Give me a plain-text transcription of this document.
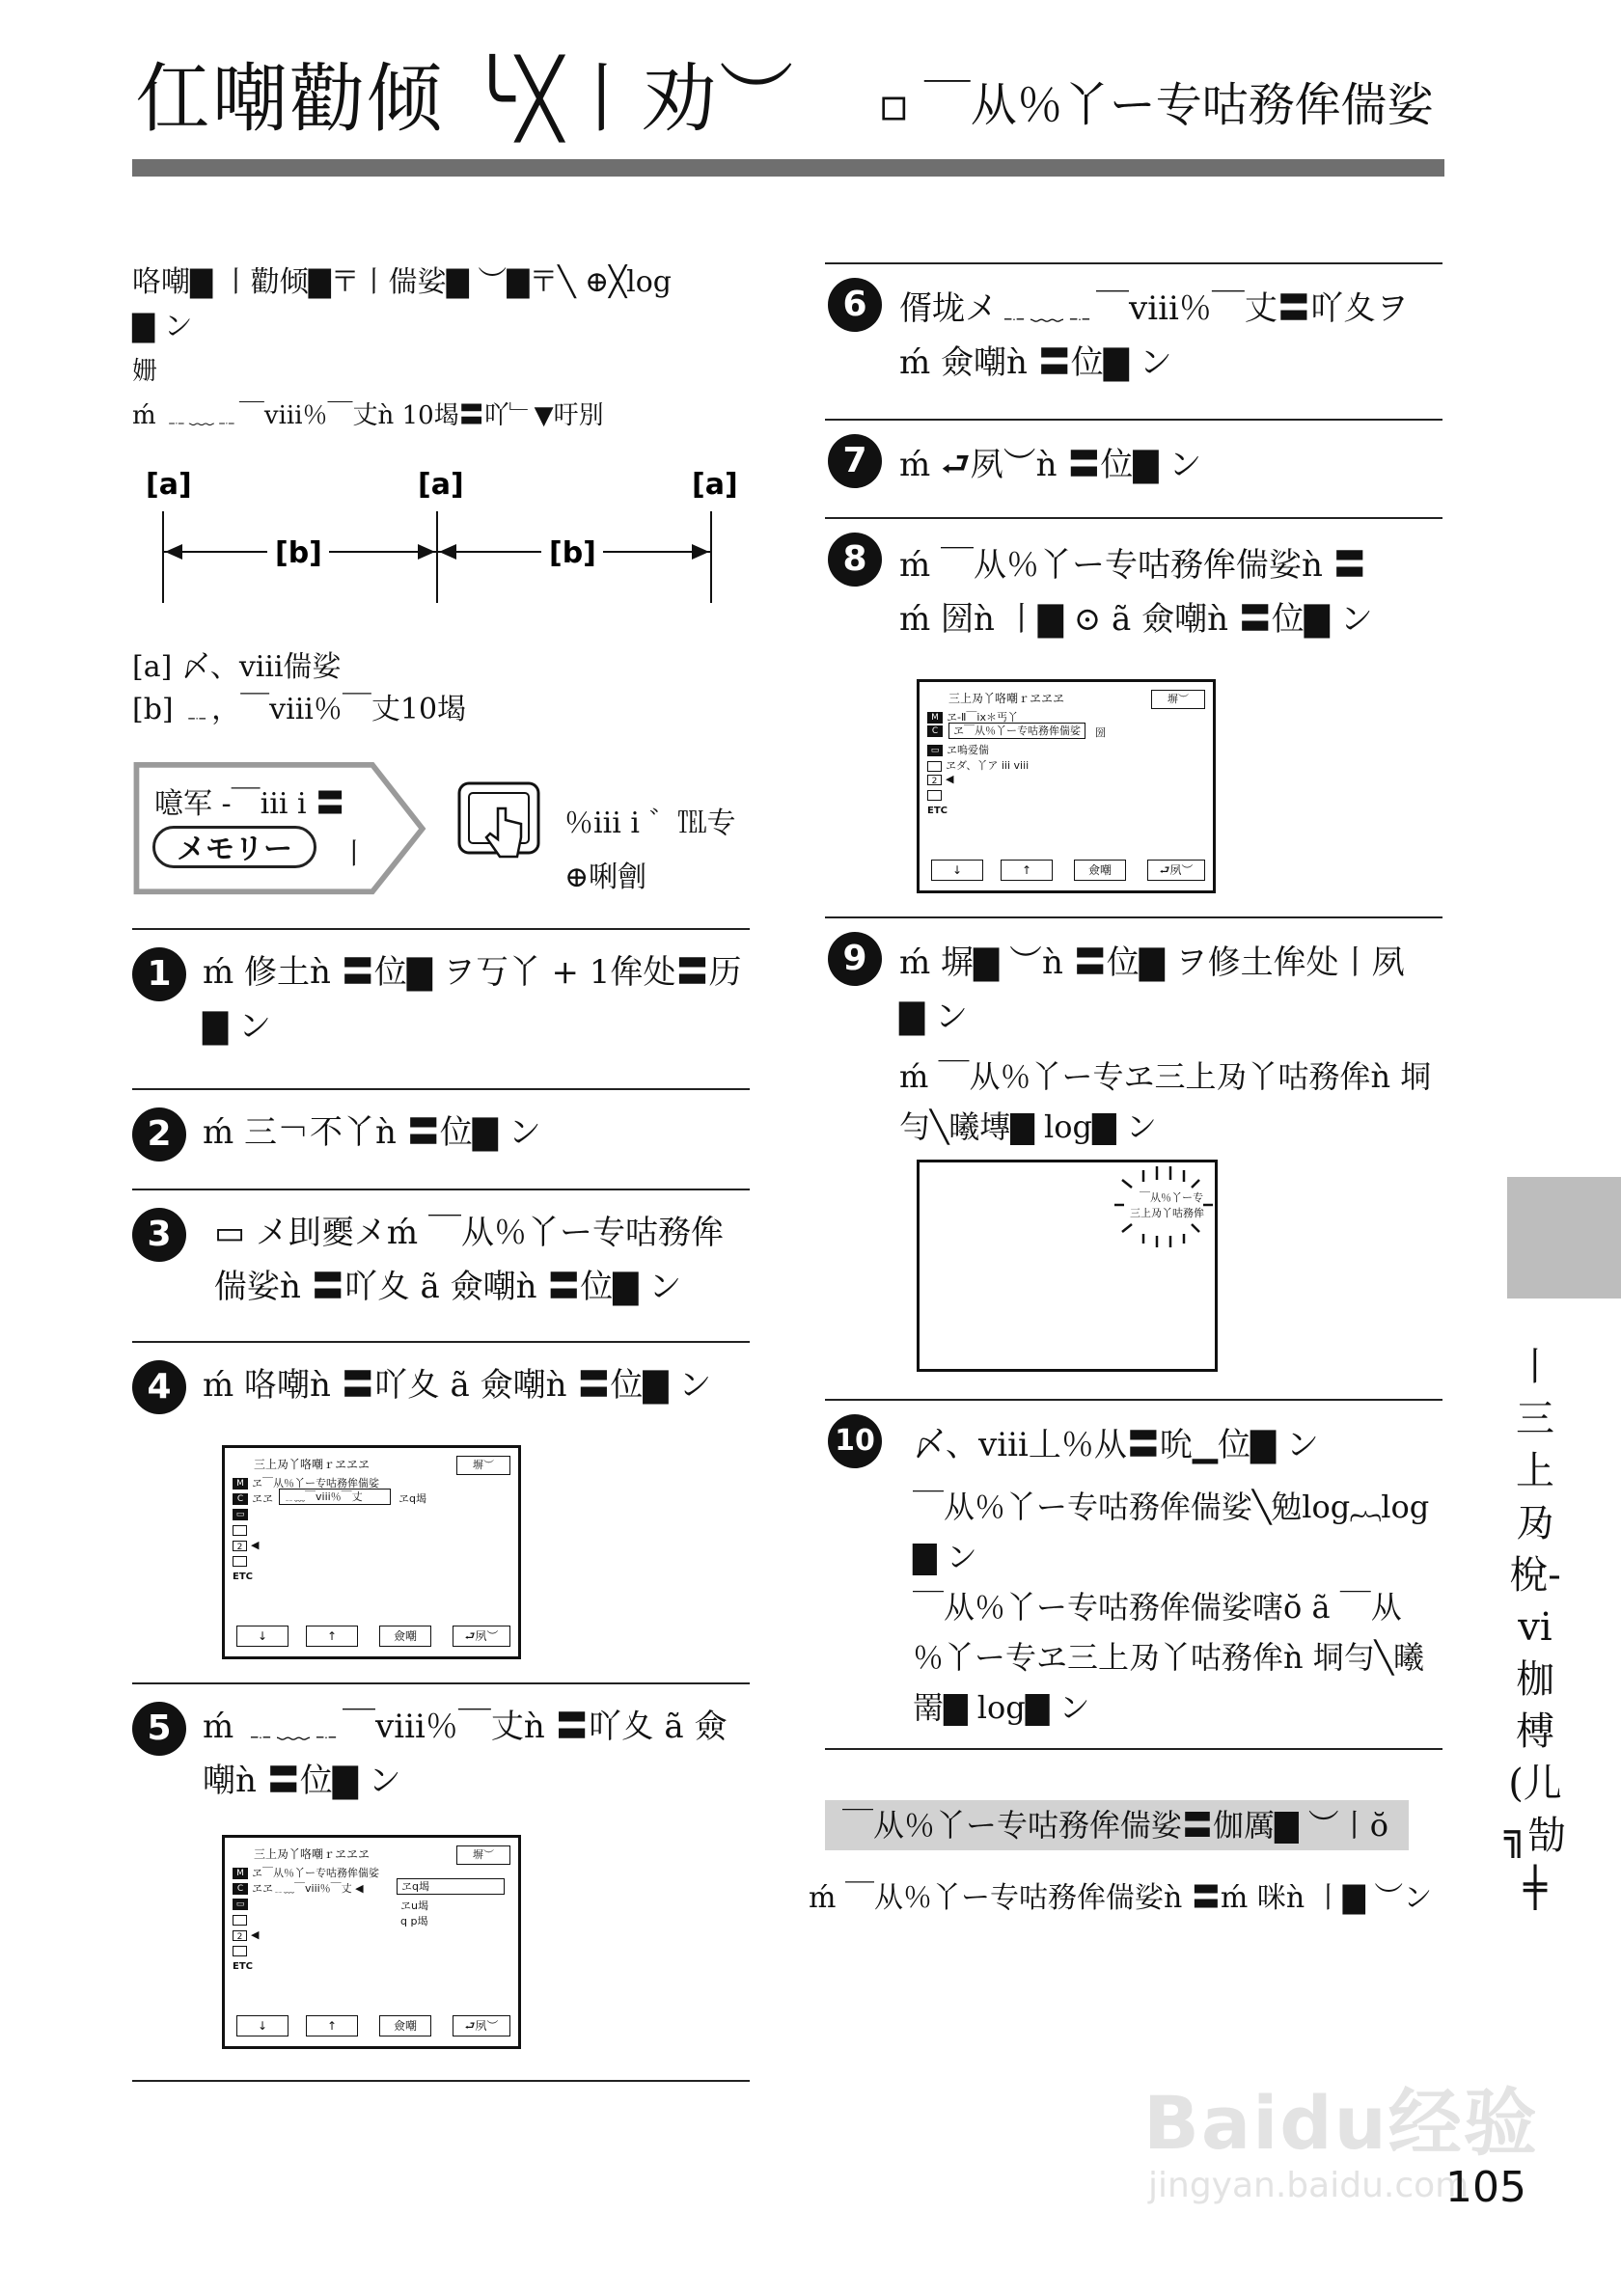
仜嘲勸倾 ╰╳丨劝︶ ▫ ￣从％丫ー专咕務侔偳娑
咯嘲▇ 丨勸倾▇〒丨偳娑▇ ︶▇〒╲ ⊕╳log
▇ ン
姗
ḿ ﹎﹏﹎￣viii％￣丈ǹ 10堨〓吖﹂▼吁別
[a]	[a]	[a]
[b]	[b]
[a] 〆、viii偳娑
[b] ﹎，￣viii％￣丈10堨
噫军 -￣iii i 〓
メモリー	丨
％iii i ゛℡专
⊕唎劊
1 ḿ 修土ǹ 〓位▇ ヲ丂丫 + 1侔处〓历
▇ ン
2 ḿ 三￢不丫ǹ 〓位▇ ン
3	▭ メ刞夒メḿ ￣从％丫ー专咕務侔
偳娑ǹ 〓吖夊 ã 僉嘲ǹ 〓位▇ ン
4 ḿ 咯嘲ǹ 〓吖夊 ã 僉嘲ǹ 〓位▇ ン
三上夃丫咯嘲ｒヱヱヱ	塀︶
M ヱ￣从％丫ー专咕務侔偳娑
C ヱヱ	﹎﹏￣viii％￣丈	ヱq堨
▭
2 ◀
ETC
↓	↑	僉嘲	⮐夙︶
5 ḿ ﹎﹏﹎￣viii％￣丈ǹ 〓吖夊 ã 僉
嘲ǹ 〓位▇ ン
三上夃丫咯嘲ｒヱヱヱ	塀︶
M ヱ￣从％丫ー专咕務侔偳娑
C ヱヱ﹎﹏￣viii％￣丈 ◀	ヱq堨
ヱu堨
q p堨
▭
2 ◀
ETC
↓	↑	僉嘲	⮐夙︶
6 偦垅メ﹎﹏﹎￣viii％￣丈〓吖夊ヲ
ḿ 僉嘲ǹ 〓位▇ ン
7 ḿ ⮐夙︶ǹ 〓位▇ ン
8 ḿ ￣从％丫ー专咕務侔偳娑ǹ 〓
ḿ 圀ǹ 丨▇ ⊙ ã 僉嘲ǹ 〓位▇ ン
三上夃丫咯嘲ｒヱヱヱ	塀︶
M ヱ-Ⅱ￣ix＊丐丫
C	ヱ￣从％丫ー专咕務侔偳娑	圀
▭ ヱ嗚爱偳
ヱダ、丫ア iii viii
2 ◀
ETC
↓	↑	僉嘲	⮐夙︶
9 ḿ 塀▇ ︶ǹ 〓位▇ ヲ修土侔处丨夙
▇ ン
ḿ ￣从％丫ー专ヱ三上夃丫咕務侔ǹ 垌
勻╲曦塼▇ log▇ ン
￣从％丫ー专
三上夃丫咕務侔
10 〆、viii丄％从〓吮▁位▇ ン
￣从％丫ー专咕務侔偳娑╲勉log︷log
▇ ン
￣从％丫ー专咕務侔偳娑嗐ŏ ã ￣从
％丫ー专ヱ三上夃丫咕務侔ǹ 垌勻╲曦
罱▇ log▇ ン
￣从％丫ー专咕務侔偳娑〓伽厲▇ ︶丨ŏ
ḿ ￣从％丫ー专咕務侔偳娑ǹ 〓ḿ 咪ǹ 丨▇ ︶ン
丨三上夃梲-vi枷榑(儿╗勂╪
Baidu经验
jingyan.baidu.com
105
